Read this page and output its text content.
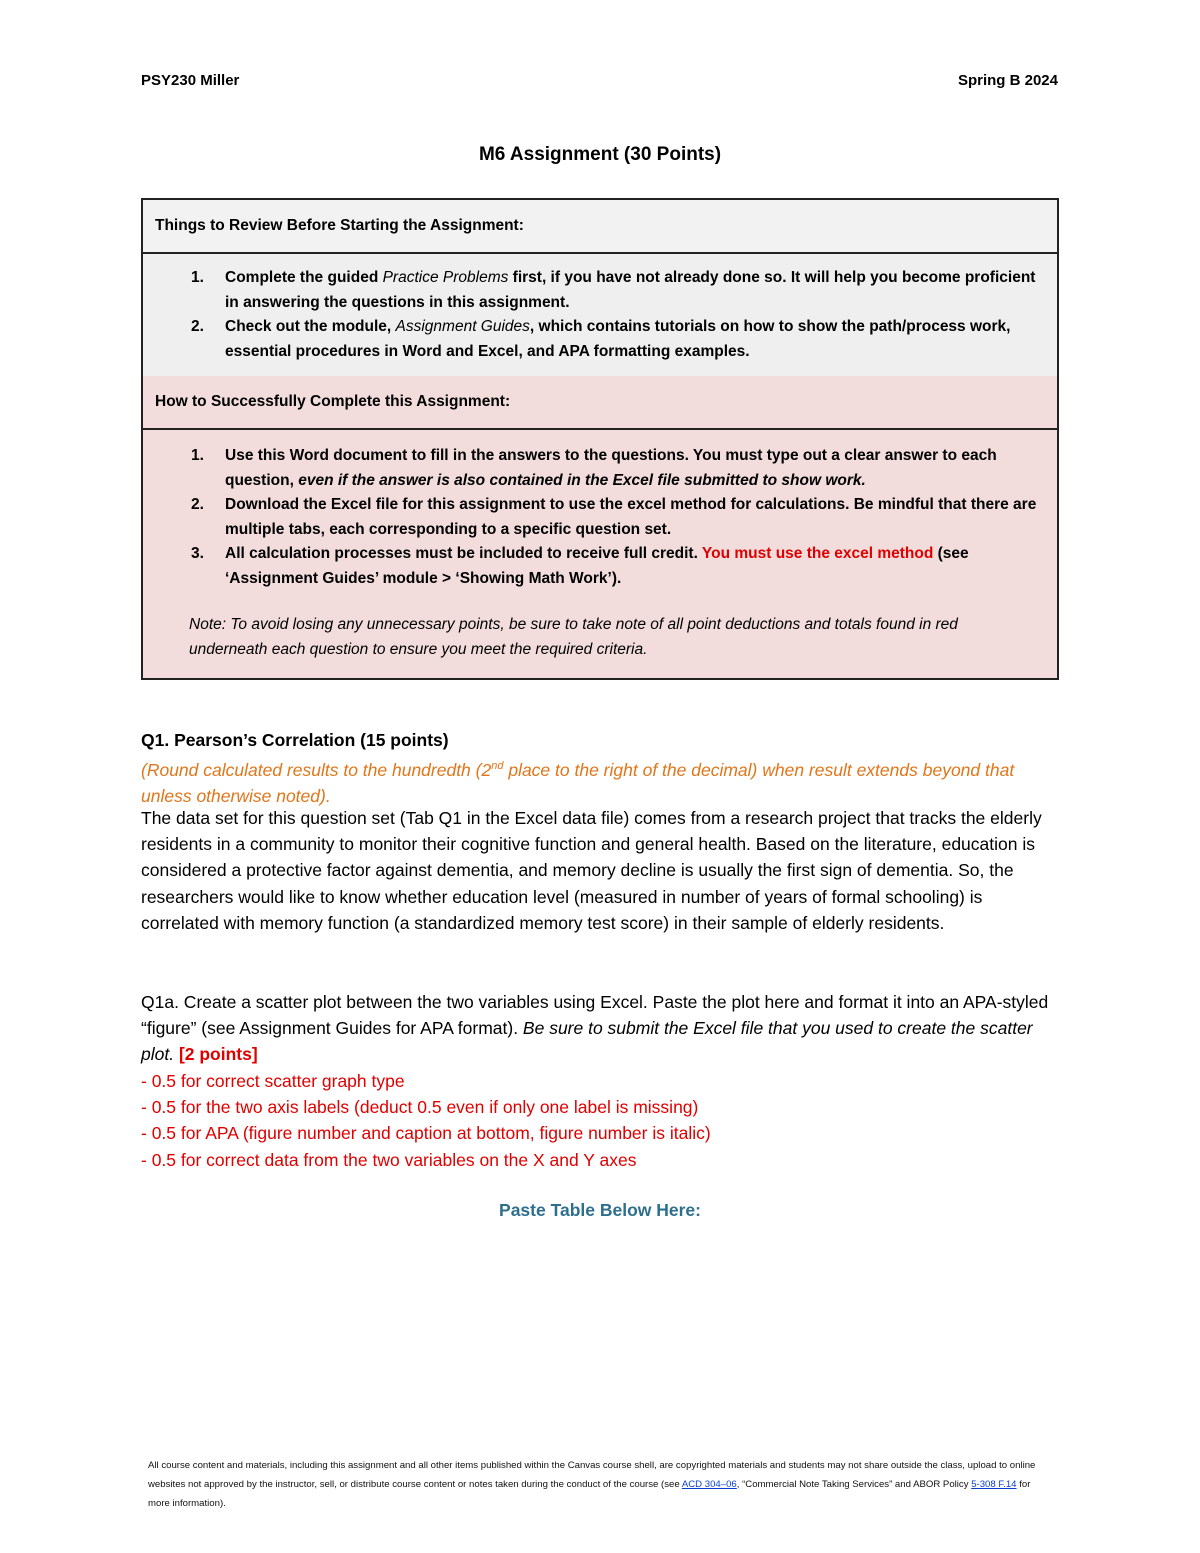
PSY230 Miller	Spring B 2024
M6 Assignment (30 Points)
Things to Review Before Starting the Assignment:
1. Complete the guided Practice Problems first, if you have not already done so. It will help you become proficient in answering the questions in this assignment.
2. Check out the module, Assignment Guides, which contains tutorials on how to show the path/process work, essential procedures in Word and Excel, and APA formatting examples.
How to Successfully Complete this Assignment:
1. Use this Word document to fill in the answers to the questions. You must type out a clear answer to each question, even if the answer is also contained in the Excel file submitted to show work.
2. Download the Excel file for this assignment to use the excel method for calculations. Be mindful that there are multiple tabs, each corresponding to a specific question set.
3. All calculation processes must be included to receive full credit. You must use the excel method (see ‘Assignment Guides’ module > ‘Showing Math Work’).
Note: To avoid losing any unnecessary points, be sure to take note of all point deductions and totals found in red underneath each question to ensure you meet the required criteria.
Q1. Pearson’s Correlation (15 points)
(Round calculated results to the hundredth (2nd place to the right of the decimal) when result extends beyond that unless otherwise noted).
The data set for this question set (Tab Q1 in the Excel data file) comes from a research project that tracks the elderly residents in a community to monitor their cognitive function and general health. Based on the literature, education is considered a protective factor against dementia, and memory decline is usually the first sign of dementia. So, the researchers would like to know whether education level (measured in number of years of formal schooling) is correlated with memory function (a standardized memory test score) in their sample of elderly residents.
Q1a. Create a scatter plot between the two variables using Excel. Paste the plot here and format it into an APA-styled “figure” (see Assignment Guides for APA format). Be sure to submit the Excel file that you used to create the scatter plot. [2 points]
- 0.5 for correct scatter graph type
- 0.5 for the two axis labels (deduct 0.5 even if only one label is missing)
- 0.5 for APA (figure number and caption at bottom, figure number is italic)
- 0.5 for correct data from the two variables on the X and Y axes
Paste Table Below Here:
All course content and materials, including this assignment and all other items published within the Canvas course shell, are copyrighted materials and students may not share outside the class, upload to online websites not approved by the instructor, sell, or distribute course content or notes taken during the conduct of the course (see ACD 304–06, “Commercial Note Taking Services” and ABOR Policy 5-308 F.14 for more information).
